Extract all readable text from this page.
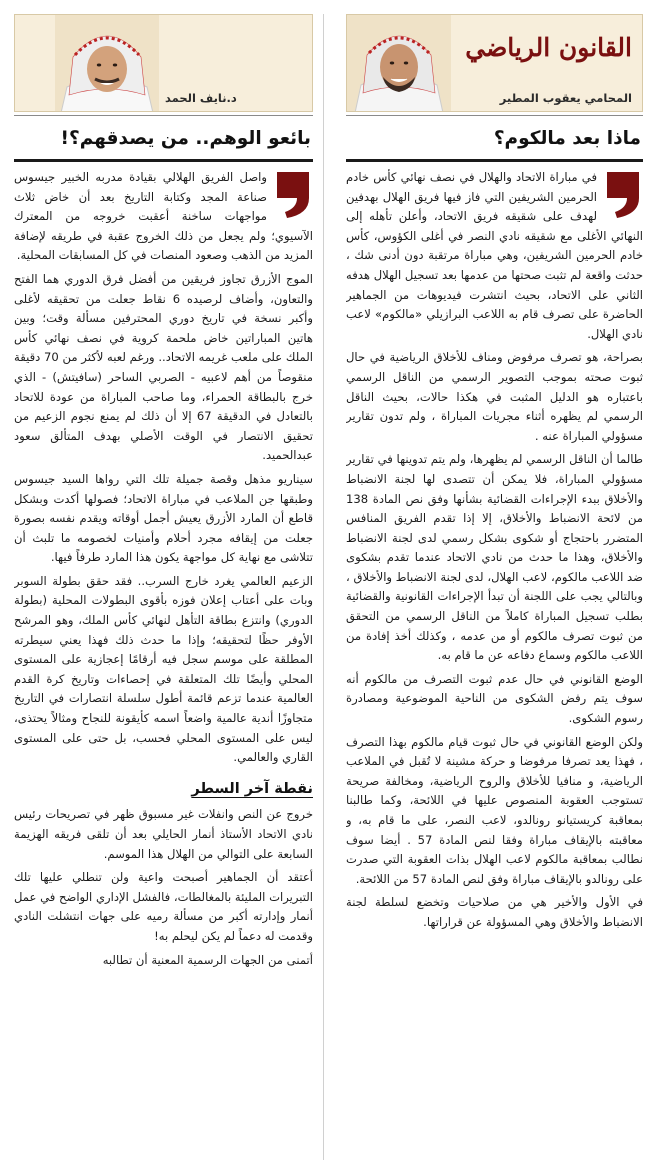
القانون الرياضي
المحامي يعقوب المطير
ماذا بعد مالكوم؟

في مباراة الاتحاد والهلال في نصف نهائي كأس خادم الحرمين الشريفين التي فاز فيها فريق الهلال بهدفين لهدف على شقيقه فريق الاتحاد، وأعلن تأهله إلى النهائي الأغلى مع شقيقه نادي النصر في أغلى الكؤوس، كأس خادم الحرمين الشريفين، وهي مباراة مرتقبة دون أدنى شك ، حدثت واقعة لم تثبت صحتها من عدمها بعد تسجيل الهلال هدفه الثاني على الاتحاد، بحيث انتشرت فيديوهات من الجماهير الحاضرة على تصرف قام به اللاعب البرازيلي «مالكوم» لاعب نادي الهلال.

بصراحة، هو تصرف مرفوض ومناف للأخلاق الرياضية في حال ثبوت صحته بموجب التصوير الرسمي من الناقل الرسمي باعتباره هو الدليل المثبت في هكذا حالات، بحيث الناقل الرسمي لم يظهره أثناء مجريات المباراة ، ولم تدون تقارير مسؤولي المباراة عنه .

طالما أن الناقل الرسمي لم يظهرها، ولم يتم تدوينها في تقارير مسؤولي المباراة، فلا يمكن أن تتصدى لها لجنة الانضباط والأخلاق ببدء الإجراءات القضائية بشأنها وفق نص المادة 138 من لائحة الانضباط والأخلاق، إلا إذا تقدم الفريق المنافس المتضرر باحتجاج أو شكوى بشكل رسمي لدى لجنة الانضباط والأخلاق، وهذا ما حدث من نادي الاتحاد عندما تقدم بشكوى ضد اللاعب مالكوم، لاعب الهلال، لدى لجنة الانضباط والأخلاق ، وبالتالي يجب على اللجنة أن تبدأ الإجراءات القانونية والقضائية بطلب تسجيل المباراة كاملاً من الناقل الرسمي من التحقق من ثبوت تصرف مالكوم أو من عدمه ، وكذلك أخذ إفادة من اللاعب مالكوم وسماع دفاعه عن ما قام به.

الوضع القانوني في حال عدم ثبوت التصرف من مالكوم أنه سوف يتم رفض الشكوى من الناحية الموضوعية ومصادرة رسوم الشكوى.

ولكن الوضع القانوني في حال ثبوت قيام مالكوم بهذا التصرف ، فهذا يعد تصرفا مرفوضا و حركة مشينة لا تُقبل في الملاعب الرياضية، و منافيا للأخلاق والروح الرياضية، ومخالفة صريحة تستوجب العقوبة المنصوص عليها في اللائحة، وكما طالبنا بمعاقبة كريستيانو رونالدو، لاعب النصر، على ما قام به، و معاقبته بالإيقاف مباراة وفقا لنص المادة 57 . أيضا سوف نطالب بمعاقبة مالكوم لاعب الهلال بذات العقوبة التي صدرت على رونالدو بالإيقاف مباراة وفق لنص المادة 57 من اللائحة.

في الأول والأخير هي من صلاحيات وتخضع لسلطة لجنة الانضباط والأخلاق وهي المسؤولة عن قراراتها.

د.نايف الحمد
بائعو الوهم.. من يصدقهم؟!

واصل الفريق الهلالي بقيادة مدربه الخبير جيسوس صناعة المجد وكتابة التاريخ بعد أن خاض ثلاث مواجهات ساخنة أعقبت خروجه من المعترك الآسيوي؛ ولم يجعل من ذلك الخروج عقبة في طريقه لإضافة المزيد من الذهب وصعود المنصات في كل المسابقات المحلية.

الموج الأزرق تجاوز فريقين من أفضل فرق الدوري هما الفتح والتعاون، وأضاف لرصيده 6 نقاط جعلت من تحقيقه لأغلى وأكبر نسخة في تاريخ دوري المحترفين مسألة وقت؛ وبين هاتين المباراتين خاض ملحمة كروية في نصف نهائي كأس الملك على ملعب غريمه الاتحاد.. ورغم لعبه لأكثر من 70 دقيقة منقوصاً من أهم لاعبيه - الصربي الساحر (سافيتش) - الذي خرج بالبطاقة الحمراء، وما صاحب المباراة من عودة للاتحاد بالتعادل في الدقيقة 67 إلا أن ذلك لم يمنع نجوم الزعيم من تحقيق الانتصار في الوقت الأصلي بهدف المتألق سعود عبدالحميد.

سيناريو مذهل وقصة جميلة تلك التي رواها السيد جيسوس وطبقها جن الملاعب في مباراة الاتحاد؛ فصولها أكدت وبشكل قاطع أن المارد الأزرق يعيش أجمل أوقاته ويقدم نفسه بصورة جعلت من إيقافه مجرد أحلام وأمنيات لخصومه ما تلبث أن تتلاشى مع نهاية كل مواجهة يكون هذا المارد طرفاً فيها.

الزعيم العالمي يغرد خارج السرب.. فقد حقق بطولة السوبر وبات على أعتاب إعلان فوزه بأقوى البطولات المحلية (بطولة الدوري) وانتزع بطاقة التأهل لنهائي كأس الملك، وهو المرشح الأوفر حظًا لتحقيقه؛ وإذا ما حدث ذلك فهذا يعني سيطرته المطلقة على موسم سجل فيه أرقامًا إعجازية على المستوى المحلي وأيضًا تلك المتعلقة في إحصاءات وتاريخ كرة القدم العالمية عندما تزعم قائمة أطول سلسلة انتصارات في التاريخ متجاوزًا أندية عالمية واضعاً اسمه كأيقونة للنجاح ومثالاً يحتذى، ليس على المستوى المحلي فحسب، بل حتى على المستوى القاري والعالمي.

نقطة آخر السطر

خروج عن النص وانفلات غير مسبوق ظهر في تصريحات رئيس نادي الاتحاد الأستاذ أنمار الحايلي بعد أن تلقى فريقه الهزيمة السابعة على التوالي من الهلال هذا الموسم.

أعتقد أن الجماهير أصبحت واعية ولن تنطلي عليها تلك التبريرات المليئة بالمغالطات، فالفشل الإداري الواضح في عمل أنمار وإدارته أكبر من مسألة رميه على جهات انتشلت النادي وقدمت له دعماً لم يكن ليحلم به!

أتمنى من الجهات الرسمية المعنية أن تطالبه
